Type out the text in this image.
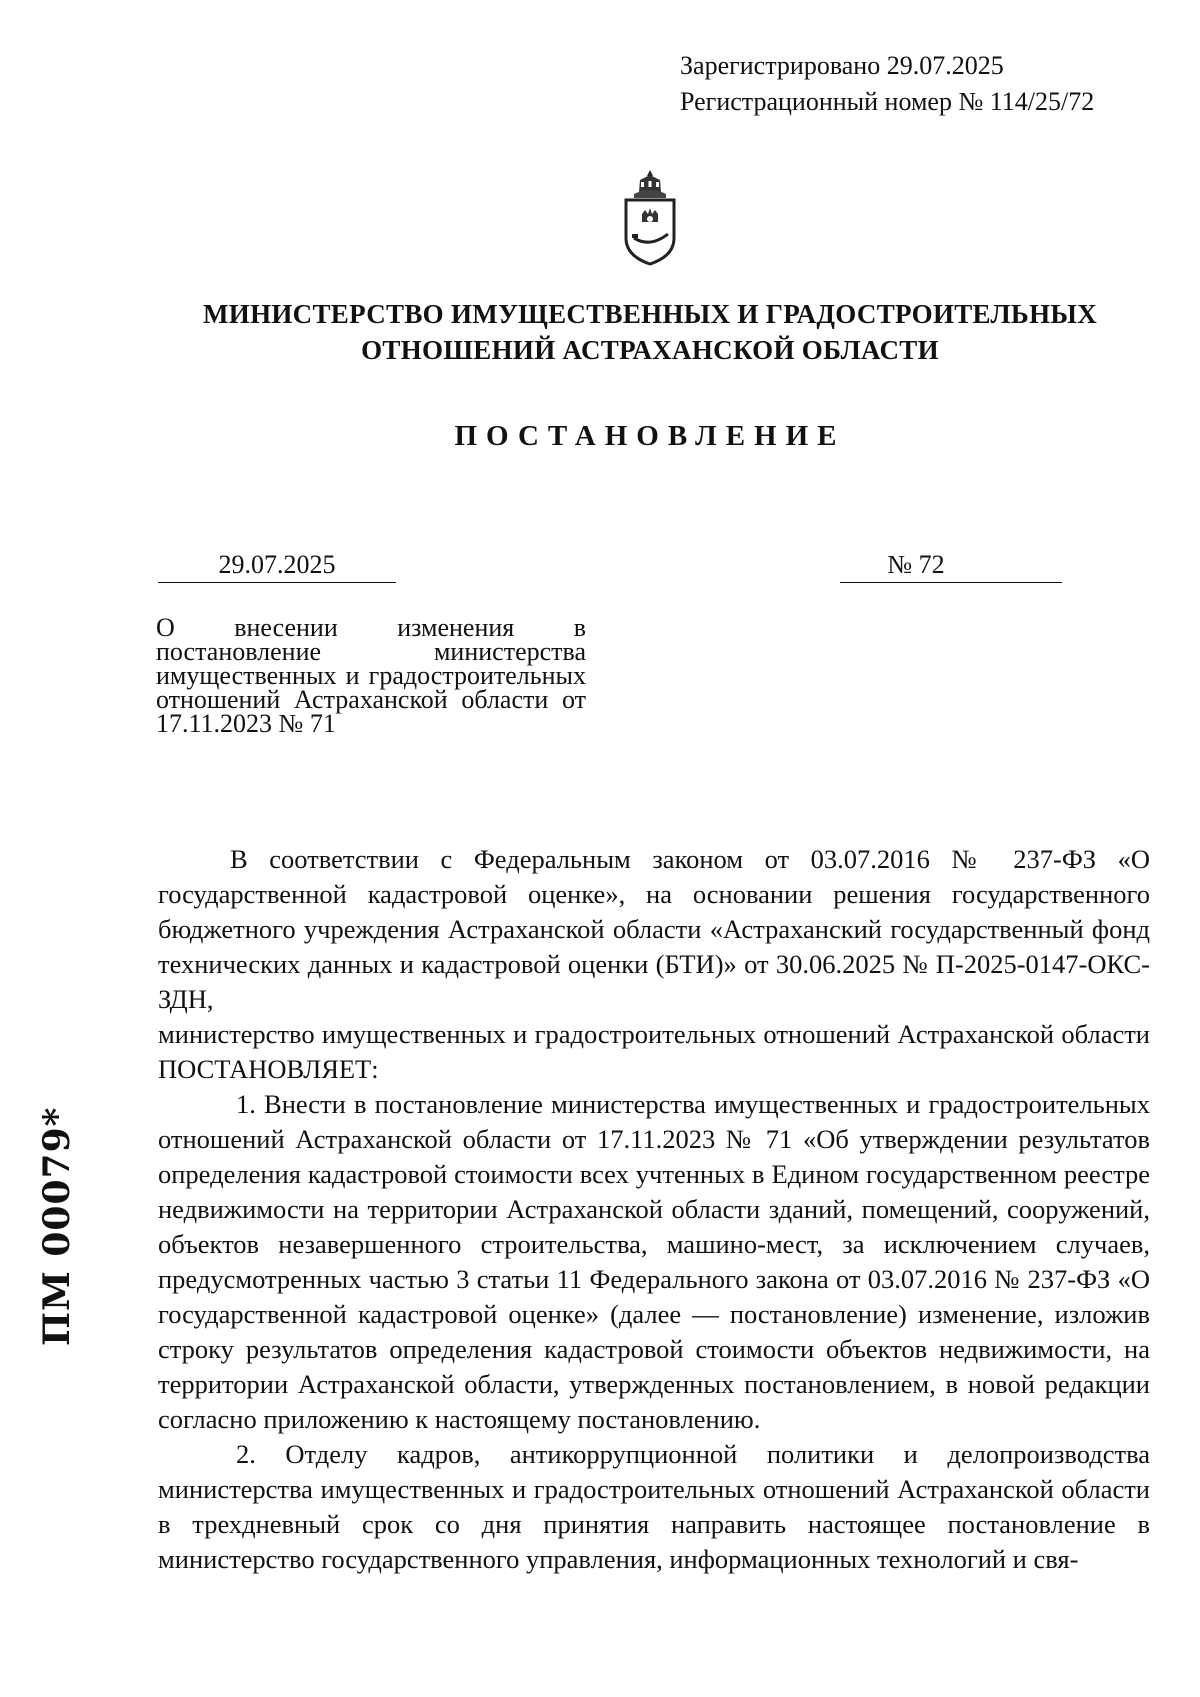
Зарегистрировано 29.07.2025
Регистрационный номер № 114/25/72
МИНИСТЕРСТВО ИМУЩЕСТВЕННЫХ И ГРАДОСТРОИТЕЛЬНЫХ
ОТНОШЕНИЙ АСТРАХАНСКОЙ ОБЛАСТИ
ПОСТАНОВЛЕНИЕ
29.07.2025	№ 72
О внесении изменения в постановление министерства имущественных и градостроительных отношений Астраханской области от 17.11.2023 № 71

В соответствии с Федеральным законом от 03.07.2016 № 237-ФЗ «О государственной кадастровой оценке», на основании решения государственного бюджетного учреждения Астраханской области «Астраханский государственный фонд технических данных и кадастровой оценки (БТИ)» от 30.06.2025 № П-2025-0147-ОКС-ЗДН,

министерство имущественных и градостроительных отношений Астраханской области ПОСТАНОВЛЯЕТ:

1. Внести в постановление министерства имущественных и градостроительных отношений Астраханской области от 17.11.2023 № 71 «Об утверждении результатов определения кадастровой стоимости всех учтенных в Едином государственном реестре недвижимости на территории Астраханской области зданий, помещений, сооружений, объектов незавершенного строительства, машино-мест, за исключением случаев, предусмотренных частью 3 статьи 11 Федерального закона от 03.07.2016 № 237-ФЗ «О государственной кадастровой оценке» (далее — постановление) изменение, изложив строку результатов определения кадастровой стоимости объектов недвижимости, на территории Астраханской области, утвержденных постановлением, в новой редакции согласно приложению к настоящему постановлению.

2. Отделу кадров, антикоррупционной политики и делопроизводства министерства имущественных и градостроительных отношений Астраханской области в трехдневный срок со дня принятия направить настоящее постановление в министерство государственного управления, информационных технологий и свя-

ПМ 00079*
